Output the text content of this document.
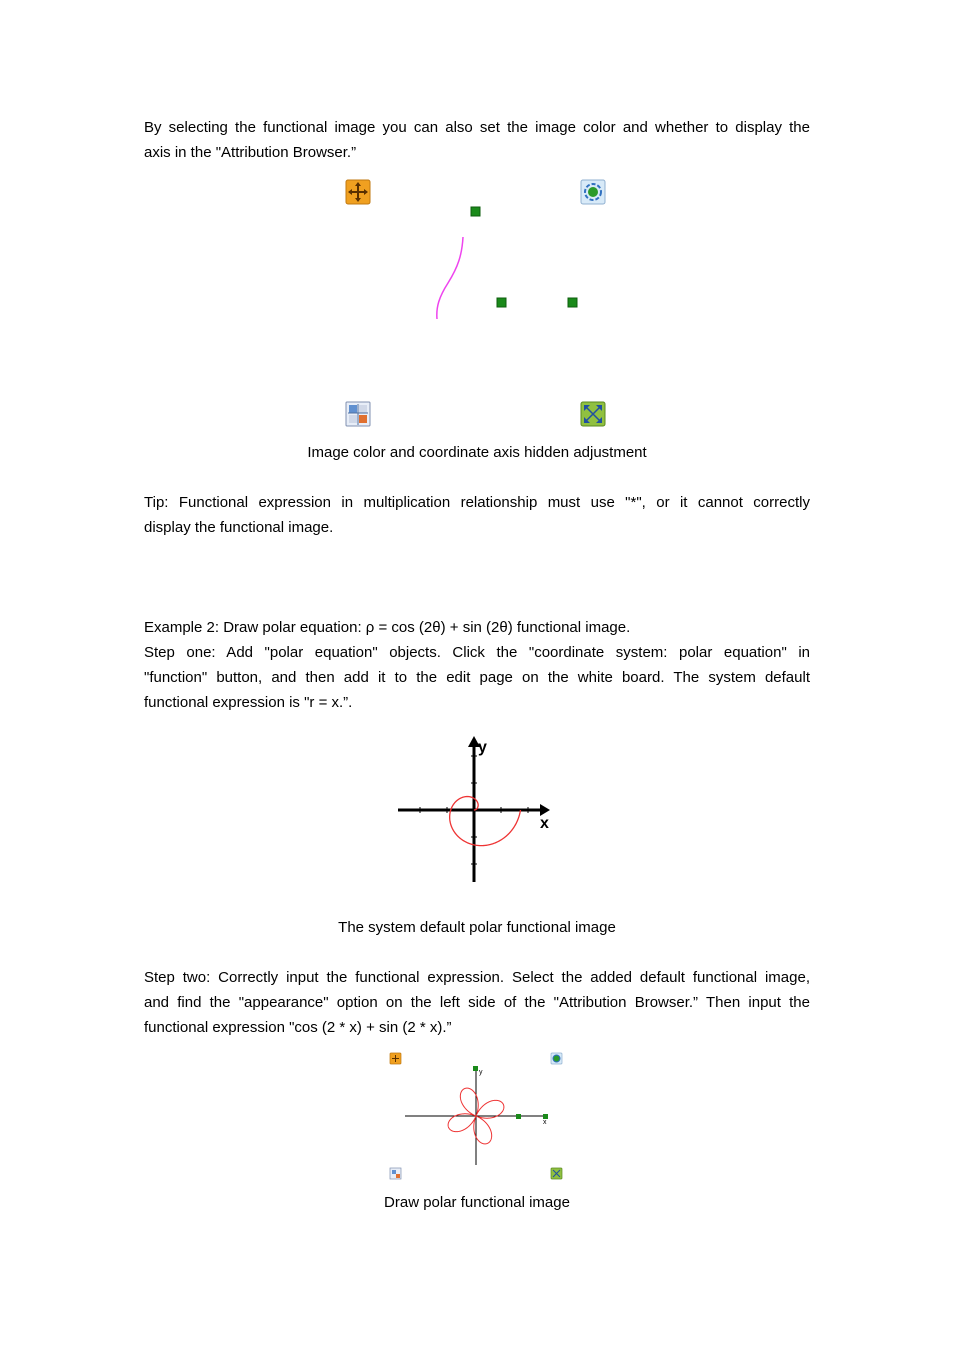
By selecting the functional image you can also set the image color and whether to display the
axis in the "Attribution Browser.”

Image color and coordinate axis hidden adjustment

Tip: Functional expression in multiplication relationship must use "*", or it cannot correctly
display the functional image.
Example 2: Draw polar equation: ρ = cos (2θ) + sin (2θ) functional image.
Step one: Add "polar equation" objects. Click the "coordinate system: polar equation" in
"function" button, and then add it to the edit page on the white board. The system default
functional expression is "r = x.”.
y
x

The system default polar functional image

Step two: Correctly input the functional expression. Select the added default functional image,
and find the "appearance" option on the left side of the "Attribution Browser.” Then input the
functional expression "cos (2 * x) + sin (2 * x).”
y
x

Draw polar functional image
